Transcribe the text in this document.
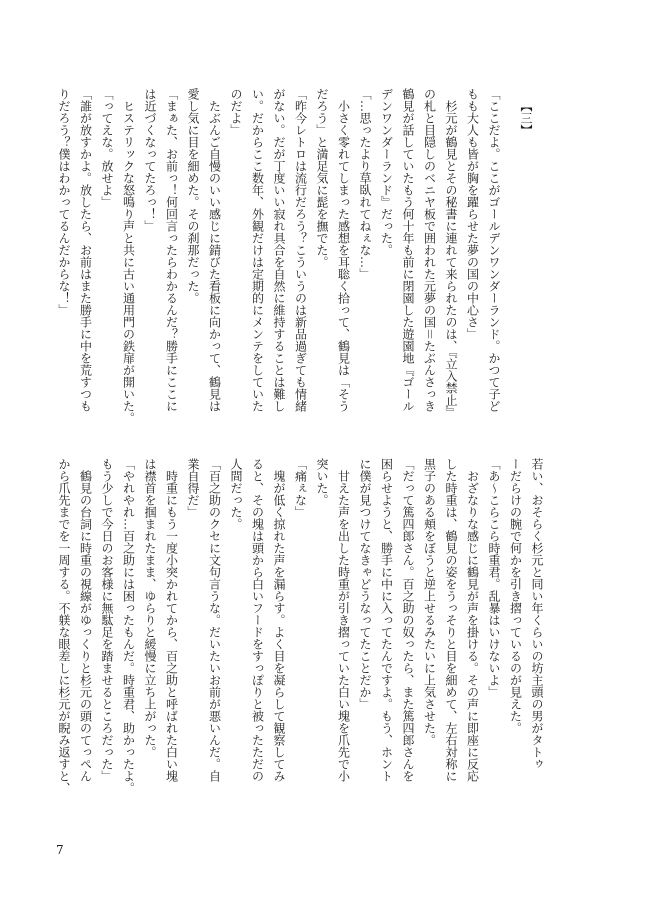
【三】
「ここだよ。ここがゴールデンワンダーランド。かつて子ど
もも大人も皆が胸を躍らせた夢の国の中心さ」
杉元が鶴見とその秘書に連れて来られたのは、『立入禁止』
の札と目隠しのベニヤ板で囲われた元夢の国＝たぶんさっき
鶴見が話していたもう何十年も前に閉園した遊園地『ゴール
デンワンダーランド』だった。
「…思ったより草臥れてねぇな…」
小さく零れてしまった感想を耳聡く拾って、鶴見は「そう
だろう」と満足気に髭を撫でた。
「昨今レトロは流行だろう？こういうのは新品過ぎても情緒
がない。だが丁度いい寂れ具合を自然に維持することは難し
い。だからここ数年、外観だけは定期的にメンテをしていた
のだよ」
たぶんご自慢のいい感じに錆びた看板に向かって、鶴見は
愛し気に目を細めた。その刹那だった。
「まぁた、お前っ！何回言ったらわかるんだ？勝手にここに
は近づくなってたろっ！」
ヒステリックな怒鳴り声と共に古い通用門の鉄扉が開いた。
「ってえな。放せよ」
「誰が放すかよ。放したら、お前はまた勝手に中を荒すつも
りだろう？僕はわかってるんだからな！」
若い、おそらく杉元と同い年くらいの坊主頭の男がタトゥ
ーだらけの腕で何かを引き摺っているのが見えた。
「あ～こらこら時重君。乱暴はいけないよ」
おざなりな感じに鶴見が声を掛ける。その声に即座に反応
した時重は、鶴見の姿をうっそりと目を細めて、左右対称に
黒子のある頬をぼうと逆上せるみたいに上気させた。
「だって篤四郎さん。百之助の奴ったら、また篤四郎さんを
困らせようと、勝手に中に入ってたんですよ。もう、ホント
に僕が見つけてなきゃどうなってたことだか」
甘えた声を出した時重が引き摺っていた白い塊を爪先で小
突いた。
「痛ぇな」
塊が低く掠れた声を漏らす。よく目を凝らして観察してみ
ると、その塊は頭から白いフードをすっぽりと被ったただの
人間だった。
「百之助のクセに文句言うな。だいたいお前が悪いんだ。自
業自得だ」
時重にもう一度小突かれてから、百之助と呼ばれた白い塊
は襟首を掴まれたまま、ゆらりと緩慢に立ち上がった。
「やれやれ…百之助には困ったもんだ。時重君、助かったよ。
もう少しで今日のお客様に無駄足を踏ませるところだった」
鶴見の台詞に時重の視線がゆっくりと杉元の頭のてっぺん
から爪先までを一周する。不躾な眼差しに杉元が睨み返すと、
7
